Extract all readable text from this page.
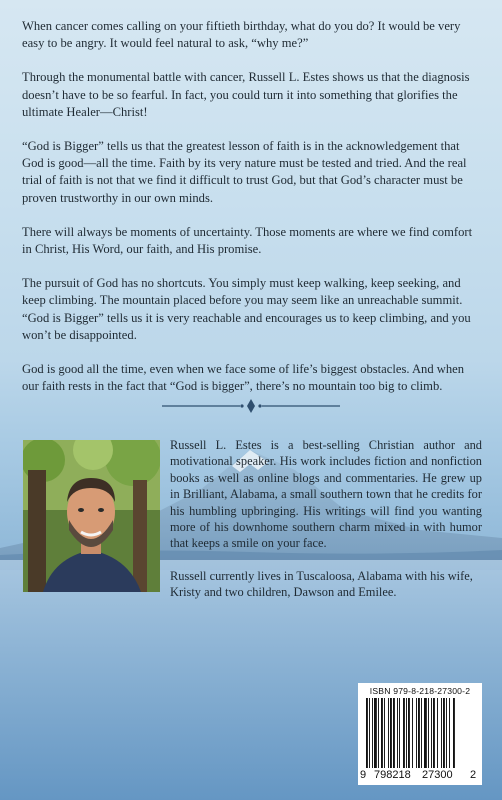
When cancer comes calling on your fiftieth birthday, what do you do? It would be very easy to be angry. It would feel natural to ask, “why me?”

Through the monumental battle with cancer, Russell L. Estes shows us that the diagnosis doesn’t have to be so fearful. In fact, you could turn it into something that glorifies the ultimate Healer—Christ!

“God is Bigger” tells us that the greatest lesson of faith is in the acknowledgement that God is good—all the time. Faith by its very nature must be tested and tried. And the real trial of faith is not that we find it difficult to trust God, but that God’s character must be proven trustworthy in our own minds.

There will always be moments of uncertainty. Those moments are where we find comfort in Christ, His Word, our faith, and His promise.

The pursuit of God has no shortcuts. You simply must keep walking, keep seeking, and keep climbing. The mountain placed before you may seem like an unreachable summit. “God is Bigger” tells us it is very reachable and encourages us to keep climbing, and you won’t be disappointed.

God is good all the time, even when we face some of life’s biggest obstacles. And when our faith rests in the fact that “God is bigger”, there’s no mountain too big to climb.

Russell L. Estes is a best-selling Christian author and motivational speaker. His work includes fiction and nonfiction books as well as online blogs and commentaries. He grew up in Brilliant, Alabama, a small southern town that he credits for his humbling upbringing. His writings will find you wanting more of his downhome southern charm mixed in with humor that keeps a smile on your face.

Russell currently lives in Tuscaloosa, Alabama with his wife, Kristy and two children, Dawson and Emilee.

ISBN 979-8-218-27300-2
9 798218 27300 2
